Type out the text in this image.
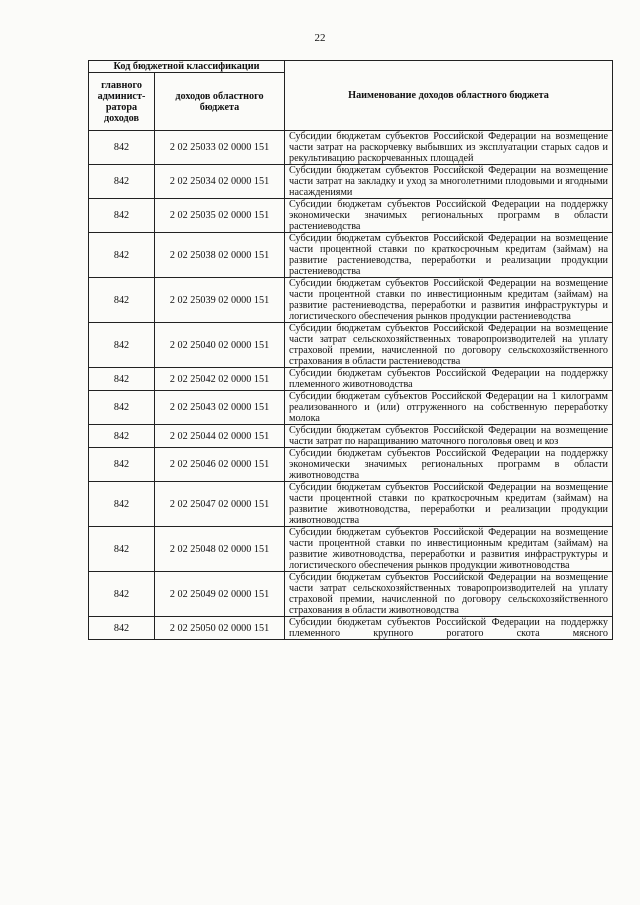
22
Код бюджетной классификации		Наименование доходов областного бюджета
главного админист-ратора доходов	доходов областного бюджета	
842	2 02 25033 02 0000 151	Субсидии бюджетам субъектов Российской Федерации на возмещение части затрат на раскорчевку выбывших из эксплуатации старых садов и рекультивацию раскорчеванных площадей
842	2 02 25034 02 0000 151	Субсидии бюджетам субъектов Российской Федерации на возмещение части затрат на закладку и уход за многолетними плодовыми и ягодными насаждениями
842	2 02 25035 02 0000 151	Субсидии бюджетам субъектов Российской Федерации на поддержку экономически значимых региональных программ в области растениеводства
842	2 02 25038 02 0000 151	Субсидии бюджетам субъектов Российской Федерации на возмещение части процентной ставки по краткосрочным кредитам (займам) на развитие растениеводства, переработки и реализации продукции растениеводства
842	2 02 25039 02 0000 151	Субсидии бюджетам субъектов Российской Федерации на возмещение части процентной ставки по инвестиционным кредитам (займам) на развитие растениеводства, переработки и развития инфраструктуры и логистического обеспечения рынков продукции растениеводства
842	2 02 25040 02 0000 151	Субсидии бюджетам субъектов Российской Федерации на возмещение части затрат сельскохозяйственных товаропроизводителей на уплату страховой премии, начисленной по договору сельскохозяйственного страхования в области растениеводства
842	2 02 25042 02 0000 151	Субсидии бюджетам субъектов Российской Федерации на поддержку племенного животноводства
842	2 02 25043 02 0000 151	Субсидии бюджетам субъектов Российской Федерации на 1 килограмм реализованного и (или) отгруженного на собственную переработку молока
842	2 02 25044 02 0000 151	Субсидии бюджетам субъектов Российской Федерации на возмещение части затрат по наращиванию маточного поголовья овец и коз
842	2 02 25046 02 0000 151	Субсидии бюджетам субъектов Российской Федерации на поддержку экономически значимых региональных программ в области животноводства
842	2 02 25047 02 0000 151	Субсидии бюджетам субъектов Российской Федерации на возмещение части процентной ставки по краткосрочным кредитам (займам) на развитие животноводства, переработки и реализации продукции животноводства
842	2 02 25048 02 0000 151	Субсидии бюджетам субъектов Российской Федерации на возмещение части процентной ставки по инвестиционным кредитам (займам) на развитие животноводства, переработки и развития инфраструктуры и логистического обеспечения рынков продукции животноводства
842	2 02 25049 02 0000 151	Субсидии бюджетам субъектов Российской Федерации на возмещение части затрат сельскохозяйственных товаропроизводителей на уплату страховой премии, начисленной по договору сельскохозяйственного страхования в области животноводства
842	2 02 25050 02 0000 151	Субсидии бюджетам субъектов Российской Федерации на поддержку племенного крупного рогатого скота мясного
